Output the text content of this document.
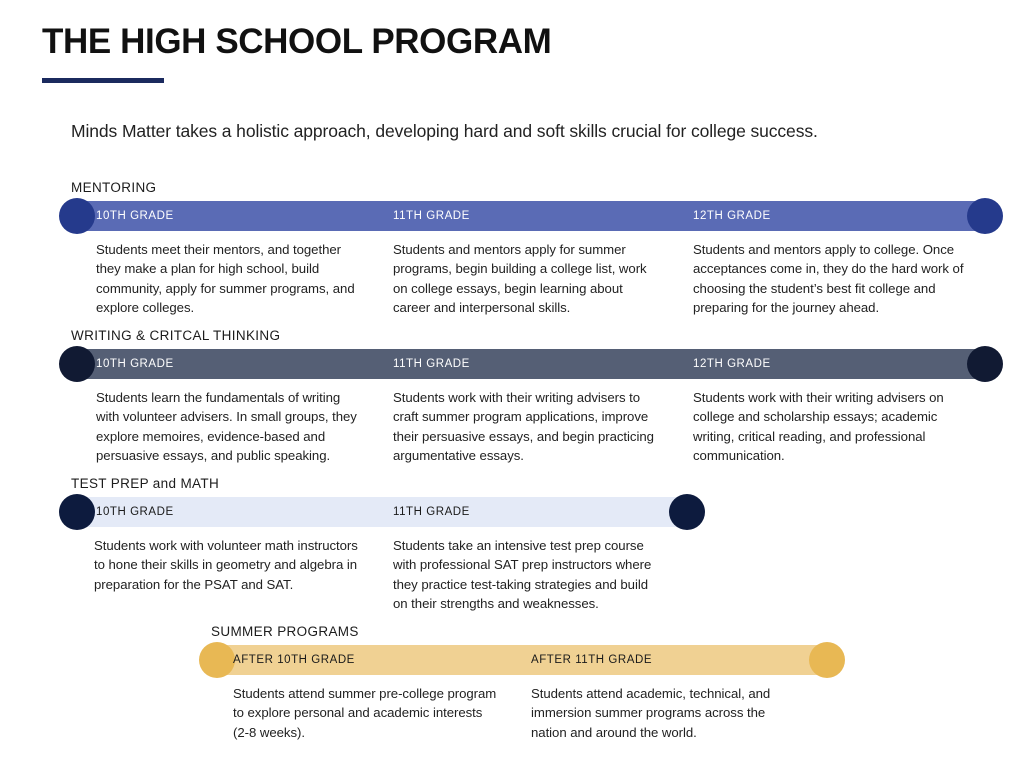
THE HIGH SCHOOL PROGRAM
Minds Matter takes a holistic approach, developing hard and soft skills crucial for college success.
MENTORING
10TH GRADE	11TH GRADE	12TH GRADE
Students meet their mentors, and together they make a plan for high school, build community, apply for summer programs, and explore colleges.
Students and mentors apply for summer programs, begin building a college list, work on college essays, begin learning about career and interpersonal skills.
Students and mentors apply to college. Once acceptances come in, they do the hard work of choosing the student’s best fit college and preparing for the journey ahead.
WRITING & CRITCAL THINKING
10TH GRADE	11TH GRADE	12TH GRADE
Students learn the fundamentals of writing with volunteer advisers. In small groups, they explore memoires, evidence-based and persuasive essays, and public speaking.
Students work with their writing advisers to craft summer program applications, improve their persuasive essays, and begin practicing argumentative essays.
Students work with their writing advisers on college and scholarship essays; academic writing, critical reading, and professional communication.
TEST PREP and MATH
10TH GRADE	11TH GRADE
Students work with volunteer math instructors to hone their skills in geometry and algebra in preparation for the PSAT and SAT.
Students take an intensive test prep course with professional SAT prep instructors where they practice test-taking strategies and build on their strengths and weaknesses.
SUMMER PROGRAMS
AFTER 10TH GRADE	AFTER 11TH GRADE
Students attend summer pre-college program to explore personal and academic interests (2-8 weeks).
Students attend academic, technical, and immersion summer programs across the nation and around the world.
